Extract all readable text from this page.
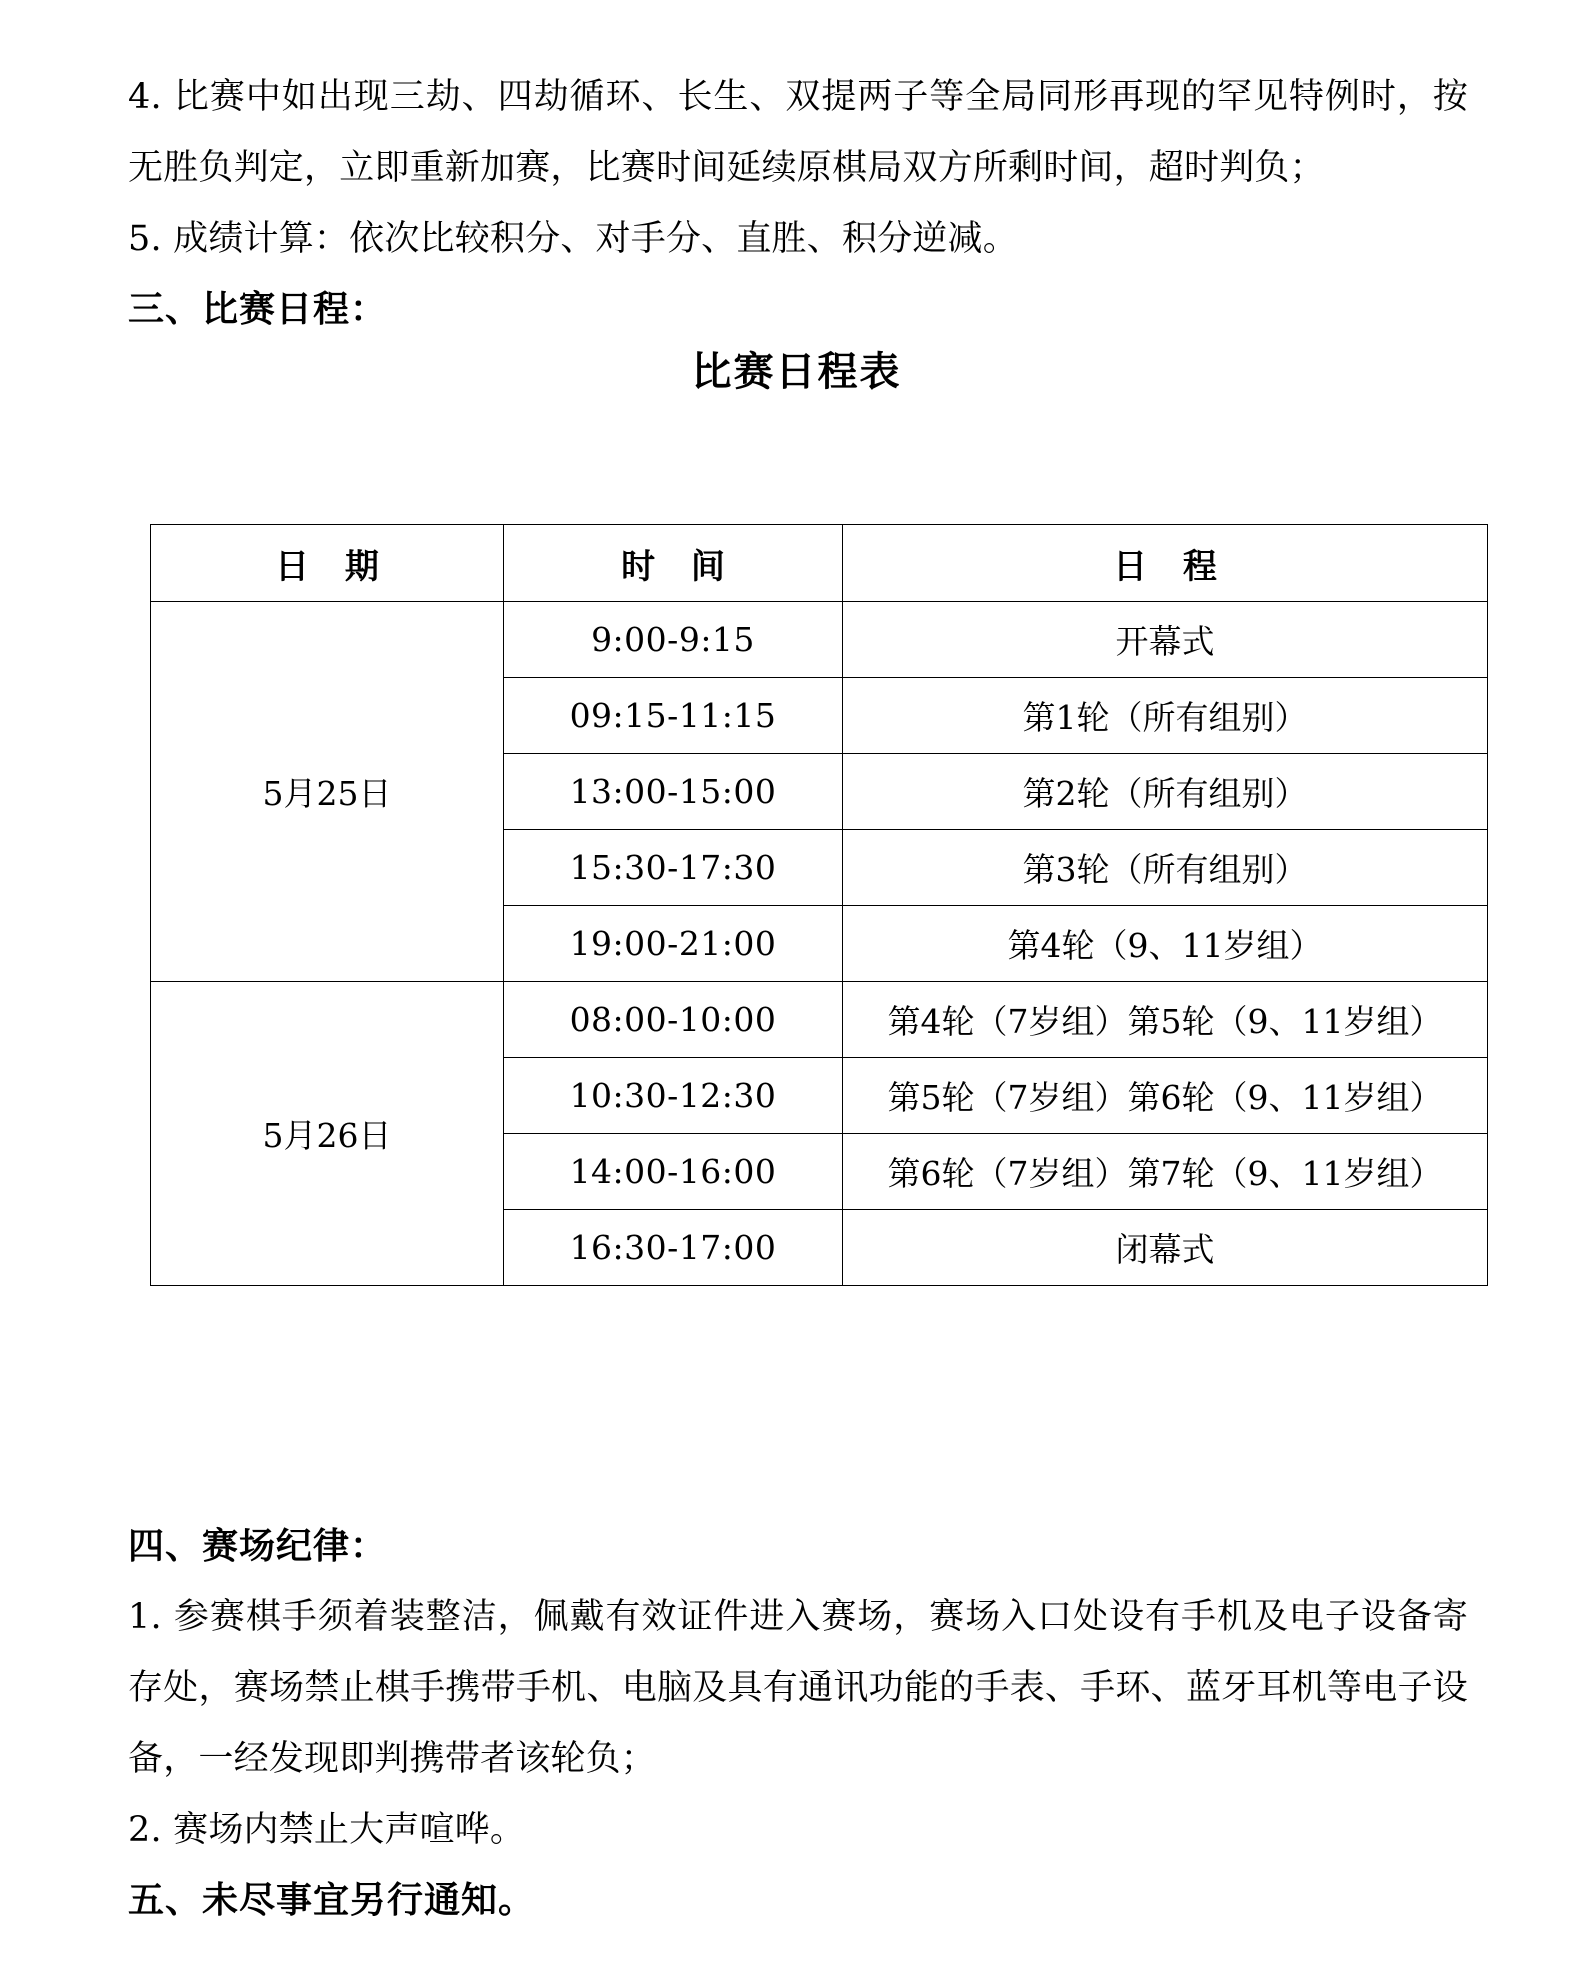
4. 比赛中如出现三劫、四劫循环、长生、双提两子等全局同形再现的罕见特例时，按无胜负判定，立即重新加赛，比赛时间延续原棋局双方所剩时间，超时判负；

5. 成绩计算：依次比较积分、对手分、直胜、积分逆减。

三、比赛日程：

比赛日程表
日 期	时 间	日 程
5月25日	9:00-9:15	开幕式
	09:15-11:15	第1轮（所有组别）
	13:00-15:00	第2轮（所有组别）
	15:30-17:30	第3轮（所有组别）
	19:00-21:00	第4轮（9、11岁组）
5月26日	08:00-10:00	第4轮（7岁组）第5轮（9、11岁组）
	10:30-12:30	第5轮（7岁组）第6轮（9、11岁组）
	14:00-16:00	第6轮（7岁组）第7轮（9、11岁组）
	16:30-17:00	闭幕式

四、赛场纪律：

1. 参赛棋手须着装整洁，佩戴有效证件进入赛场，赛场入口处设有手机及电子设备寄存处，赛场禁止棋手携带手机、电脑及具有通讯功能的手表、手环、蓝牙耳机等电子设备，一经发现即判携带者该轮负；

2. 赛场内禁止大声喧哗。

五、未尽事宜另行通知。
